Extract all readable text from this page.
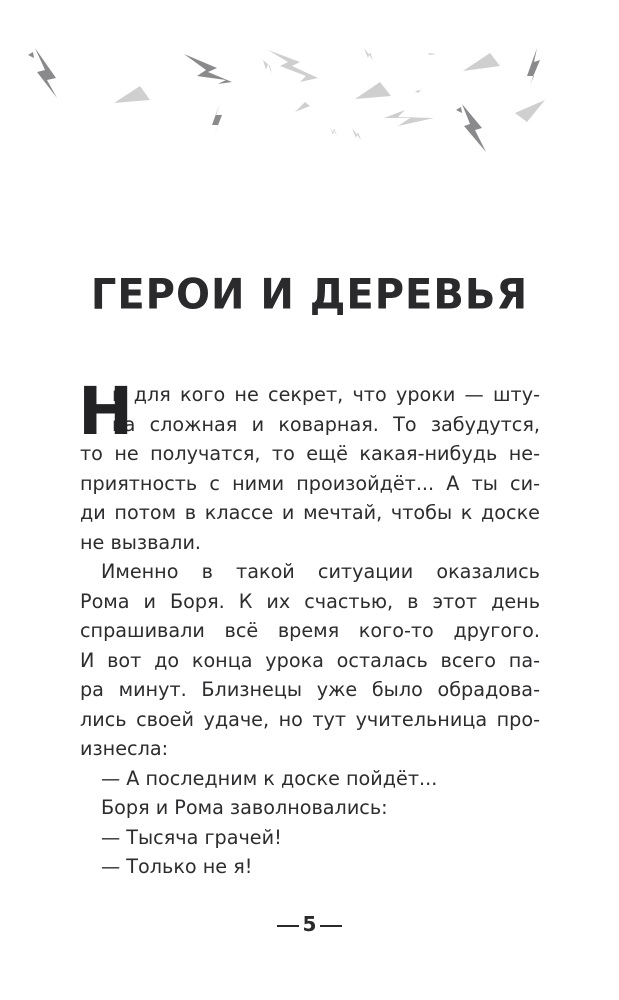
ГЕРОИ И ДЕРЕВЬЯ
Н
и для кого не секрет, что уроки — шту-
ка сложная и коварная. То забудутся,
то не получатся, то ещё какая-нибудь не-
приятность с ними произойдёт... А ты си-
ди потом в классе и мечтай, чтобы к доске
не вызвали.
Именно в такой ситуации оказались
Рома и Боря. К их счастью, в этот день
спрашивали всё время кого-то другого.
И вот до конца урока осталась всего па-
ра минут. Близнецы уже было обрадова-
лись своей удаче, но тут учительница про-
изнесла:
— А последним к доске пойдёт...
Боря и Рома заволновались:
— Тысяча грачей!
— Только не я!
5
